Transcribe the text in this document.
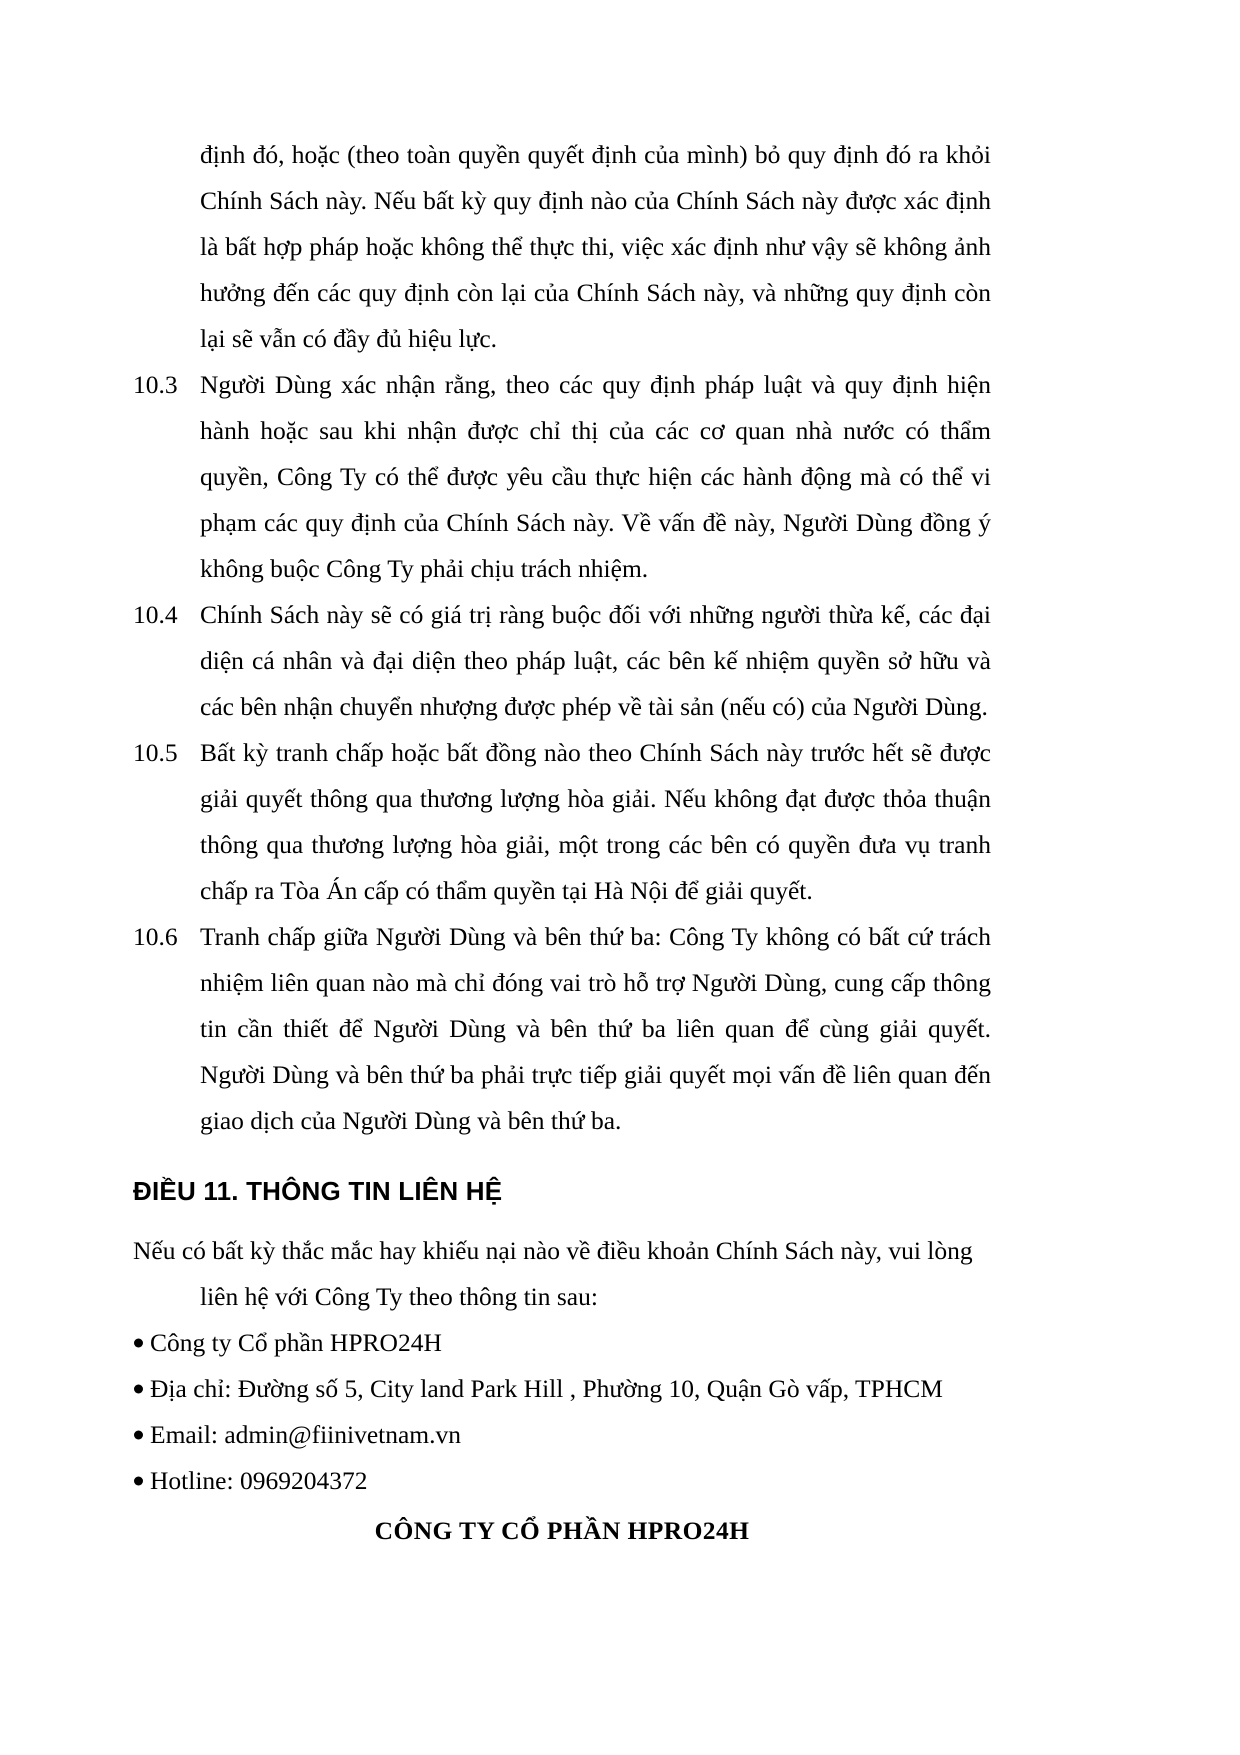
định đó, hoặc (theo toàn quyền quyết định của mình) bỏ quy định đó ra khỏi Chính Sách này. Nếu bất kỳ quy định nào của Chính Sách này được xác định là bất hợp pháp hoặc không thể thực thi, việc xác định như vậy sẽ không ảnh hưởng đến các quy định còn lại của Chính Sách này, và những quy định còn lại sẽ vẫn có đầy đủ hiệu lực.

10.3 Người Dùng xác nhận rằng, theo các quy định pháp luật và quy định hiện hành hoặc sau khi nhận được chỉ thị của các cơ quan nhà nước có thẩm quyền, Công Ty có thể được yêu cầu thực hiện các hành động mà có thể vi phạm các quy định của Chính Sách này. Về vấn đề này, Người Dùng đồng ý không buộc Công Ty phải chịu trách nhiệm.
10.4 Chính Sách này sẽ có giá trị ràng buộc đối với những người thừa kế, các đại diện cá nhân và đại diện theo pháp luật, các bên kế nhiệm quyền sở hữu và các bên nhận chuyển nhượng được phép về tài sản (nếu có) của Người Dùng.
10.5 Bất kỳ tranh chấp hoặc bất đồng nào theo Chính Sách này trước hết sẽ được giải quyết thông qua thương lượng hòa giải. Nếu không đạt được thỏa thuận thông qua thương lượng hòa giải, một trong các bên có quyền đưa vụ tranh chấp ra Tòa Án cấp có thẩm quyền tại Hà Nội để giải quyết.
10.6 Tranh chấp giữa Người Dùng và bên thứ ba: Công Ty không có bất cứ trách nhiệm liên quan nào mà chỉ đóng vai trò hỗ trợ Người Dùng, cung cấp thông tin cần thiết để Người Dùng và bên thứ ba liên quan để cùng giải quyết. Người Dùng và bên thứ ba phải trực tiếp giải quyết mọi vấn đề liên quan đến giao dịch của Người Dùng và bên thứ ba.
ĐIỀU 11. THÔNG TIN LIÊN HỆ

Nếu có bất kỳ thắc mắc hay khiếu nại nào về điều khoản Chính Sách này, vui lòng
liên hệ với Công Ty theo thông tin sau:

Công ty Cổ phần HPRO24H
Địa chỉ: Đường số 5, City land Park Hill , Phường 10, Quận Gò vấp, TPHCM
Email: admin@fiinivetnam.vn
Hotline: 0969204372

CÔNG TY CỔ PHẦN HPRO24H
